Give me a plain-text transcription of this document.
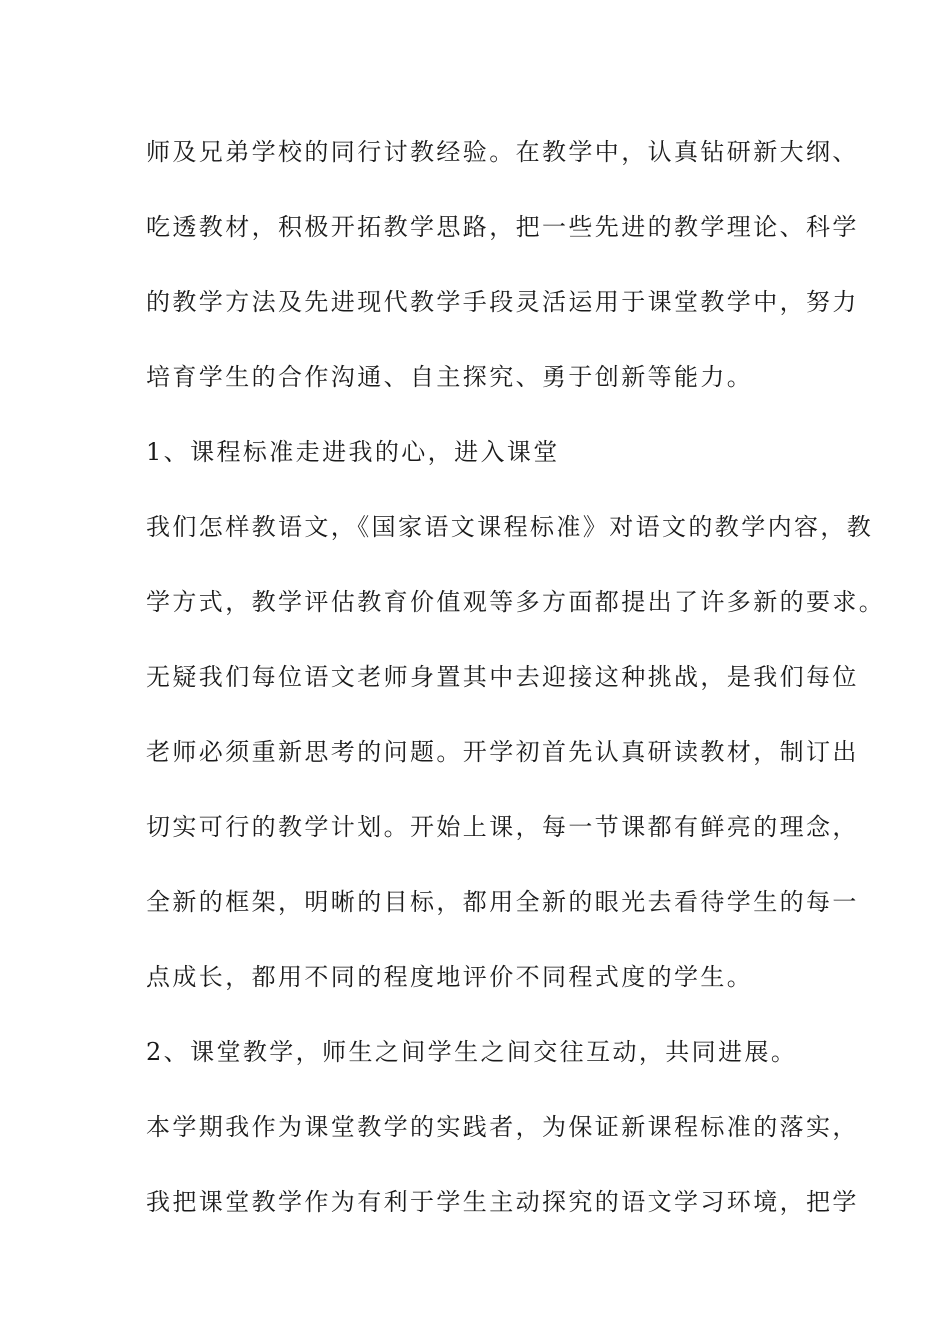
师及兄弟学校的同行讨教经验。在教学中，认真钻研新大纲、

吃透教材，积极开拓教学思路，把一些先进的教学理论、科学

的教学方法及先进现代教学手段灵活运用于课堂教学中，努力

培育学生的合作沟通、自主探究、勇于创新等能力。

1、课程标准走进我的心，进入课堂

我们怎样教语文，《国家语文课程标准》对语文的教学内容，教

学方式，教学评估教育价值观等多方面都提出了许多新的要求。

无疑我们每位语文老师身置其中去迎接这种挑战，是我们每位

老师必须重新思考的问题。开学初首先认真研读教材，制订出

切实可行的教学计划。开始上课，每一节课都有鲜亮的理念，

全新的框架，明晰的目标，都用全新的眼光去看待学生的每一

点成长，都用不同的程度地评价不同程式度的学生。

2、课堂教学，师生之间学生之间交往互动，共同进展。

本学期我作为课堂教学的实践者，为保证新课程标准的落实，

我把课堂教学作为有利于学生主动探究的语文学习环境，把学
